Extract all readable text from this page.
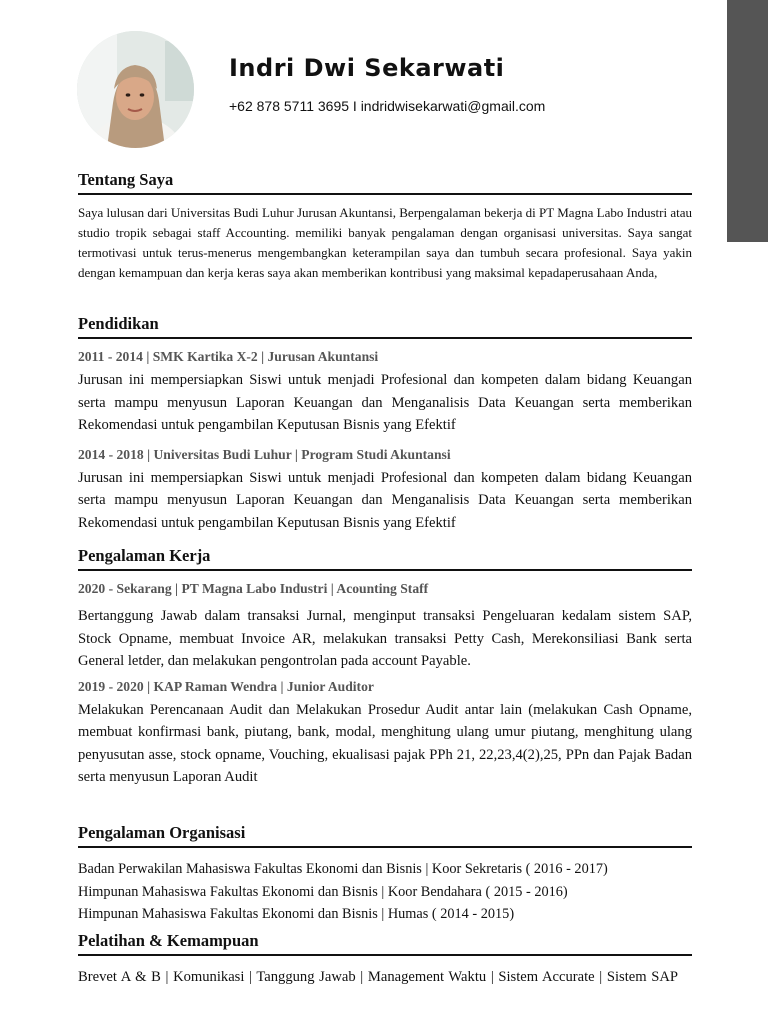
Indri Dwi Sekarwati
+62 878 5711 3695 I indridwisekarwati@gmail.com
Tentang Saya

Saya lulusan dari Universitas Budi Luhur Jurusan Akuntansi, Berpengalaman bekerja di PT Magna Labo Industri atau studio tropik sebagai staff Accounting. memiliki banyak pengalaman dengan organisasi universitas. Saya sangat termotivasi untuk terus-menerus mengembangkan keterampilan saya dan tumbuh secara profesional. Saya yakin dengan kemampuan dan kerja keras saya akan memberikan kontribusi yang maksimal kepadaperusahaan Anda,

Pendidikan
2011 - 2014 | SMK Kartika X-2 | Jurusan Akuntansi

Jurusan ini mempersiapkan Siswi untuk menjadi Profesional dan kompeten dalam bidang Keuangan serta mampu menyusun Laporan Keuangan dan Menganalisis Data Keuangan serta memberikan Rekomendasi untuk pengambilan Keputusan Bisnis yang Efektif

2014 - 2018 | Universitas Budi Luhur | Program Studi Akuntansi

Jurusan ini mempersiapkan Siswi untuk menjadi Profesional dan kompeten dalam bidang Keuangan serta mampu menyusun Laporan Keuangan dan Menganalisis Data Keuangan serta memberikan Rekomendasi untuk pengambilan Keputusan Bisnis yang Efektif

Pengalaman Kerja
2020 - Sekarang | PT Magna Labo Industri | Acounting Staff

Bertanggung Jawab dalam transaksi Jurnal, menginput transaksi Pengeluaran kedalam sistem SAP, Stock Opname, membuat Invoice AR, melakukan transaksi Petty Cash, Merekonsiliasi Bank serta General letder, dan melakukan pengontrolan pada account Payable.

2019 - 2020 | KAP Raman Wendra | Junior Auditor

Melakukan Perencanaan Audit dan Melakukan Prosedur Audit antar lain (melakukan Cash Opname, membuat konfirmasi bank, piutang, bank, modal, menghitung ulang umur piutang, menghitung ulang penyusutan asse, stock opname, Vouching, ekualisasi pajak PPh 21, 22,23,4(2),25, PPn dan Pajak Badan serta menyusun Laporan Audit

Pengalaman Organisasi
Badan Perwakilan Mahasiswa Fakultas Ekonomi dan Bisnis | Koor Sekretaris ( 2016 - 2017)
Himpunan Mahasiswa Fakultas Ekonomi dan Bisnis | Koor Bendahara ( 2015 - 2016)
Himpunan Mahasiswa Fakultas Ekonomi dan Bisnis | Humas ( 2014 - 2015)
Pelatihan & Kemampuan

Brevet A & B | Komunikasi | Tanggung Jawab | Management Waktu | Sistem Accurate | Sistem SAP
